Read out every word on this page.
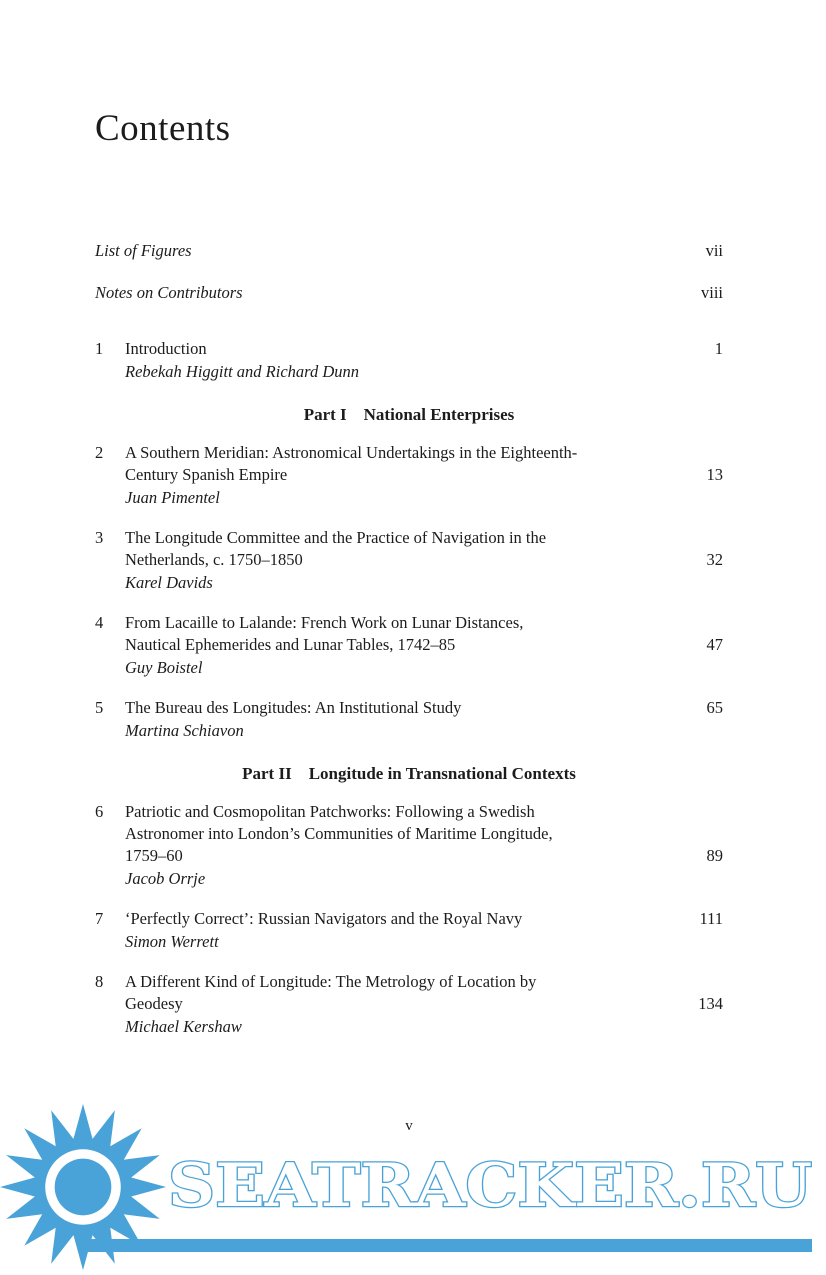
Contents
List of Figures	vii
Notes on Contributors	viii
1	Introduction	1
Rebekah Higgitt and Richard Dunn
Part I National Enterprises
2	A Southern Meridian: Astronomical Undertakings in the Eighteenth-Century Spanish Empire	13
Juan Pimentel
3	The Longitude Committee and the Practice of Navigation in the Netherlands, c. 1750–1850	32
Karel Davids
4	From Lacaille to Lalande: French Work on Lunar Distances, Nautical Ephemerides and Lunar Tables, 1742–85	47
Guy Boistel
5	The Bureau des Longitudes: An Institutional Study	65
Martina Schiavon
Part II Longitude in Transnational Contexts
6	Patriotic and Cosmopolitan Patchworks: Following a Swedish Astronomer into London’s Communities of Maritime Longitude, 1759–60	89
Jacob Orrje
7	‘Perfectly Correct’: Russian Navigators and the Royal Navy	111
Simon Werrett
8	A Different Kind of Longitude: The Metrology of Location by Geodesy	134
Michael Kershaw
v
SEATRACKER.RU
